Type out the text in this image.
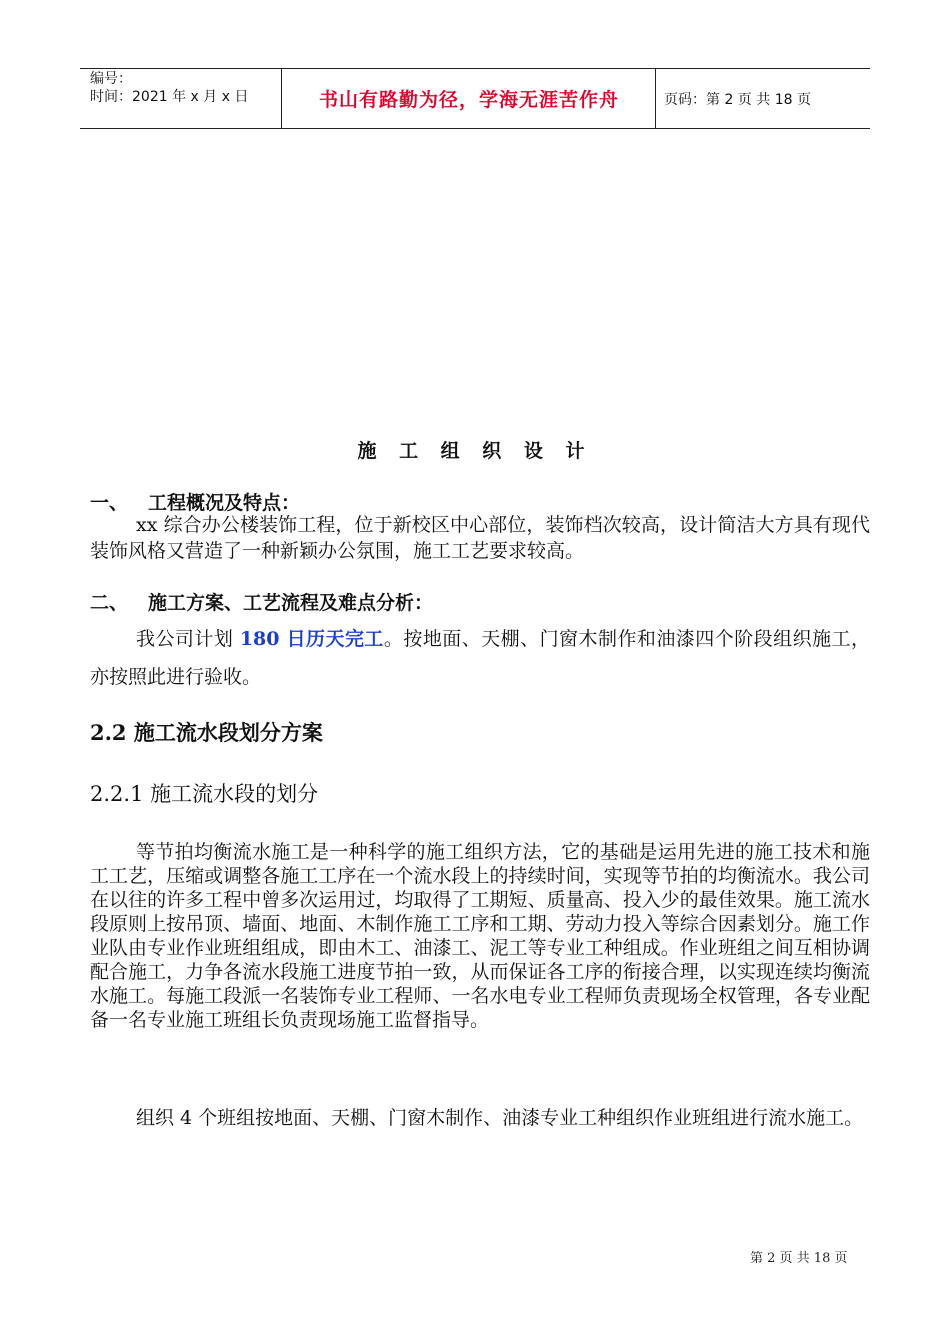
编号：
时间：2021 年 x 月 x 日	书山有路勤为径，学海无涯苦作舟	页码：第 2 页 共 18 页
施 工 组 织 设 计
一、 工程概况及特点：

xx 综合办公楼装饰工程，位于新校区中心部位，装饰档次较高，设计简洁大方具有现代装饰风格又营造了一种新颖办公氛围，施工工艺要求较高。

二、 施工方案、工艺流程及难点分析：

我公司计划 180 日历天完工。按地面、天棚、门窗木制作和油漆四个阶段组织施工，亦按照此进行验收。

2.2 施工流水段划分方案
2.2.1 施工流水段的划分

等节拍均衡流水施工是一种科学的施工组织方法，它的基础是运用先进的施工技术和施工工艺，压缩或调整各施工工序在一个流水段上的持续时间，实现等节拍的均衡流水。我公司在以往的许多工程中曾多次运用过，均取得了工期短、质量高、投入少的最佳效果。施工流水段原则上按吊顶、墙面、地面、木制作施工工序和工期、劳动力投入等综合因素划分。施工作业队由专业作业班组组成，即由木工、油漆工、泥工等专业工种组成。作业班组之间互相协调配合施工，力争各流水段施工进度节拍一致，从而保证各工序的衔接合理，以实现连续均衡流水施工。每施工段派一名装饰专业工程师、一名水电专业工程师负责现场全权管理，各专业配备一名专业施工班组长负责现场施工监督指导。

组织 4 个班组按地面、天棚、门窗木制作、油漆专业工种组织作业班组进行流水施工。

第 2 页 共 18 页
